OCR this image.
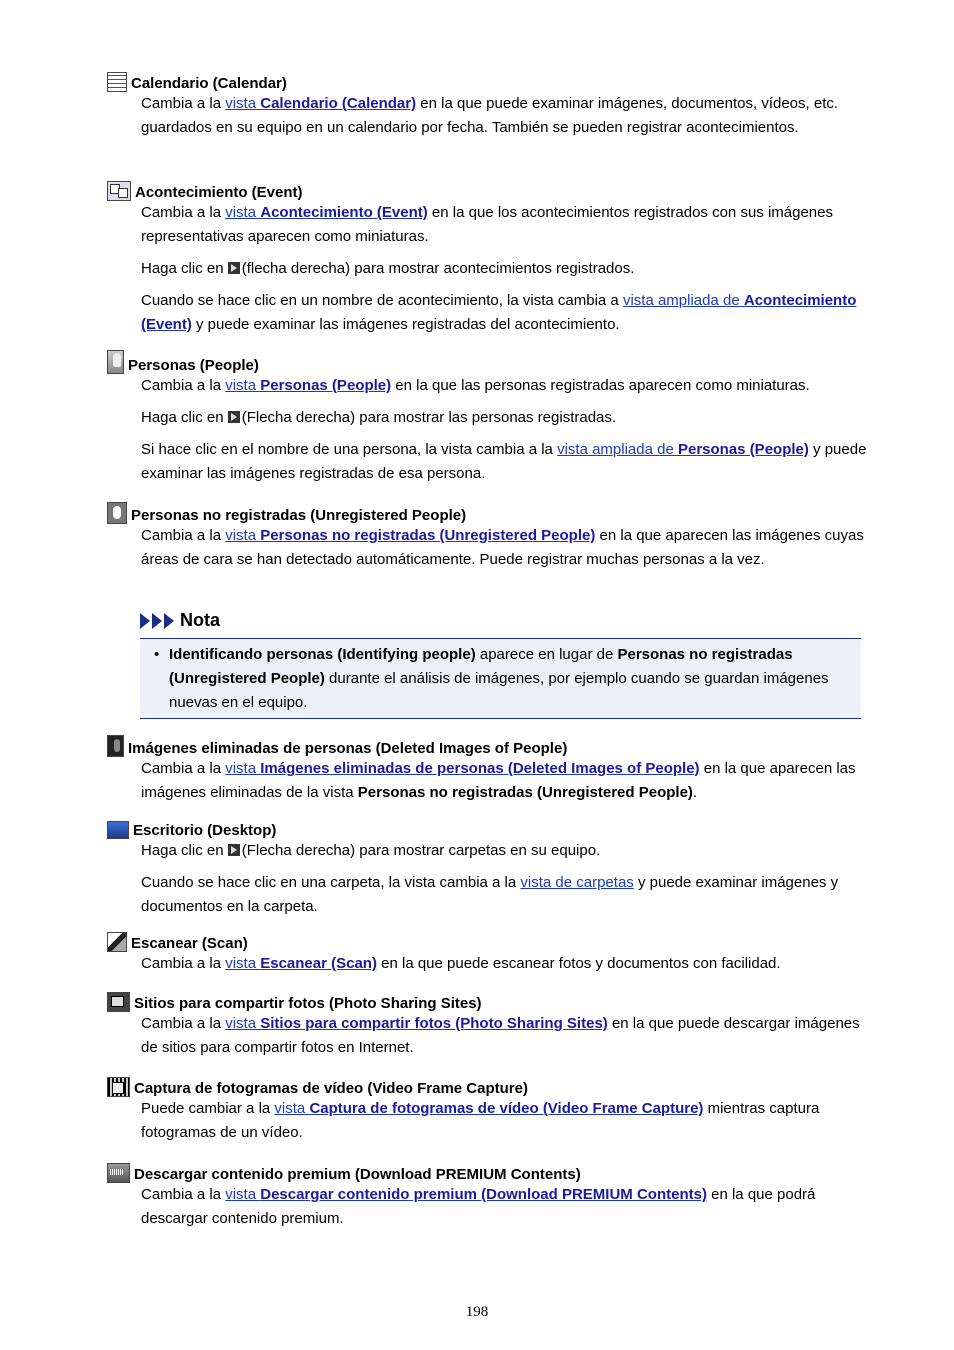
Calendario (Calendar)
Cambia a la vista Calendario (Calendar) en la que puede examinar imágenes, documentos, vídeos, etc. guardados en su equipo en un calendario por fecha. También se pueden registrar acontecimientos.
Acontecimiento (Event)
Cambia a la vista Acontecimiento (Event) en la que los acontecimientos registrados con sus imágenes representativas aparecen como miniaturas.
Haga clic en (flecha derecha) para mostrar acontecimientos registrados.
Cuando se hace clic en un nombre de acontecimiento, la vista cambia a vista ampliada de Acontecimiento (Event) y puede examinar las imágenes registradas del acontecimiento.
Personas (People)
Cambia a la vista Personas (People) en la que las personas registradas aparecen como miniaturas.
Haga clic en (Flecha derecha) para mostrar las personas registradas.
Si hace clic en el nombre de una persona, la vista cambia a la vista ampliada de Personas (People) y puede examinar las imágenes registradas de esa persona.
Personas no registradas (Unregistered People)
Cambia a la vista Personas no registradas (Unregistered People) en la que aparecen las imágenes cuyas áreas de cara se han detectado automáticamente. Puede registrar muchas personas a la vez.
Nota
• Identificando personas (Identifying people) aparece en lugar de Personas no registradas (Unregistered People) durante el análisis de imágenes, por ejemplo cuando se guardan imágenes nuevas en el equipo.
Imágenes eliminadas de personas (Deleted Images of People)
Cambia a la vista Imágenes eliminadas de personas (Deleted Images of People) en la que aparecen las imágenes eliminadas de la vista Personas no registradas (Unregistered People).
Escritorio (Desktop)
Haga clic en (Flecha derecha) para mostrar carpetas en su equipo.
Cuando se hace clic en una carpeta, la vista cambia a la vista de carpetas y puede examinar imágenes y documentos en la carpeta.
Escanear (Scan)
Cambia a la vista Escanear (Scan) en la que puede escanear fotos y documentos con facilidad.
Sitios para compartir fotos (Photo Sharing Sites)
Cambia a la vista Sitios para compartir fotos (Photo Sharing Sites) en la que puede descargar imágenes de sitios para compartir fotos en Internet.
Captura de fotogramas de vídeo (Video Frame Capture)
Puede cambiar a la vista Captura de fotogramas de vídeo (Video Frame Capture) mientras captura fotogramas de un vídeo.
Descargar contenido premium (Download PREMIUM Contents)
Cambia a la vista Descargar contenido premium (Download PREMIUM Contents) en la que podrá descargar contenido premium.
198
